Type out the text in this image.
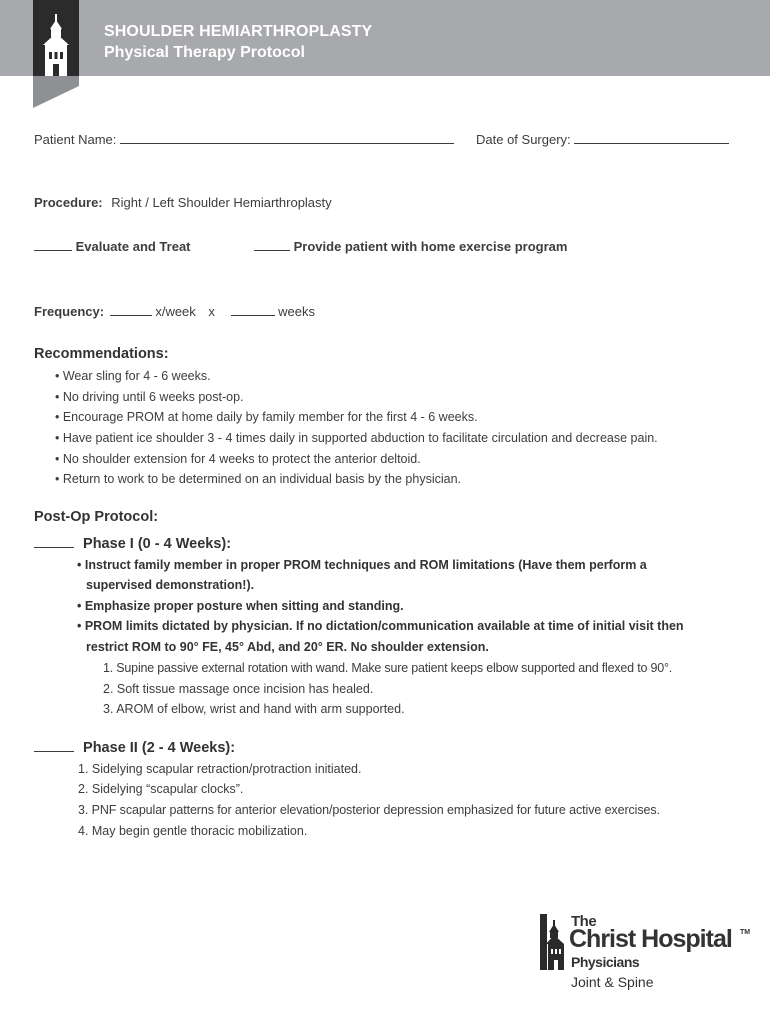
SHOULDER HEMIARTHROPLASTY
Physical Therapy Protocol
Patient Name:	Date of Surgery:
Procedure: Right / Left Shoulder Hemiarthroplasty
Evaluate and Treat	Provide patient with home exercise program
Frequency:	x/week x	weeks
Recommendations:
• Wear sling for 4 - 6 weeks.
• No driving until 6 weeks post-op.
• Encourage PROM at home daily by family member for the first 4 - 6 weeks.
• Have patient ice shoulder 3 - 4 times daily in supported abduction to facilitate circulation and decrease pain.
• No shoulder extension for 4 weeks to protect the anterior deltoid.
• Return to work to be determined on an individual basis by the physician.
Post-Op Protocol:
Phase I (0 - 4 Weeks):
• Instruct family member in proper PROM techniques and ROM limitations (Have them perform a
supervised demonstration!).
• Emphasize proper posture when sitting and standing.
• PROM limits dictated by physician. If no dictation/communication available at time of initial visit then
restrict ROM to 90° FE, 45° Abd, and 20° ER. No shoulder extension.
1. Supine passive external rotation with wand. Make sure patient keeps elbow supported and flexed to 90°.
2. Soft tissue massage once incision has healed.
3. AROM of elbow, wrist and hand with arm supported.
Phase II (2 - 4 Weeks):
1. Sidelying scapular retraction/protraction initiated.
2. Sidelying “scapular clocks”.
3. PNF scapular patterns for anterior elevation/posterior depression emphasized for future active exercises.
4. May begin gentle thoracic mobilization.
The
Christ Hospital TM
Physicians
Joint & Spine
